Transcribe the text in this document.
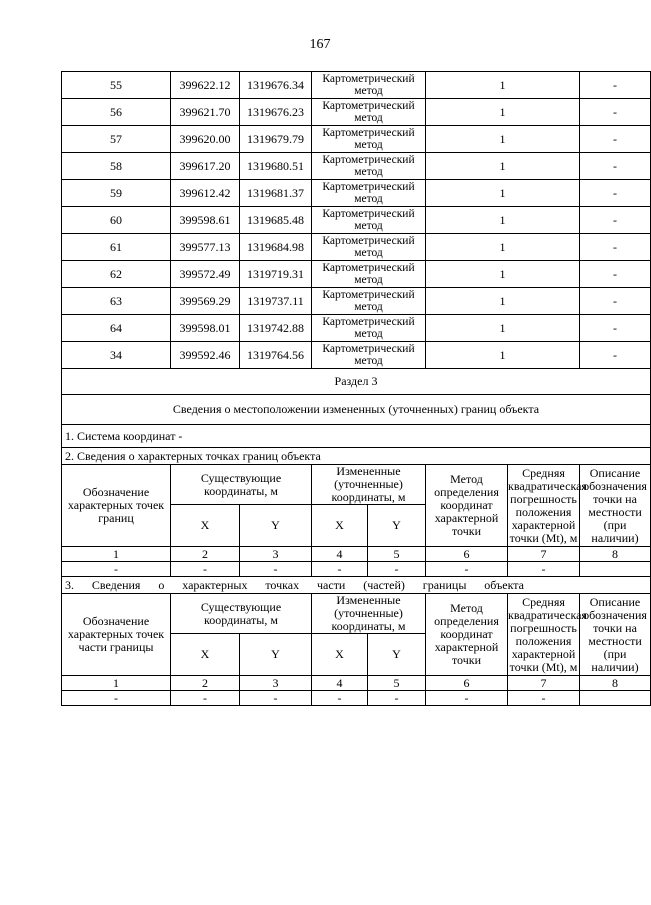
167
55	399622.12	1319676.34	Картометрический метод		1		-
56	399621.70	1319676.23	Картометрический метод		1		-
57	399620.00	1319679.79	Картометрический метод		1		-
58	399617.20	1319680.51	Картометрический метод		1		-
59	399612.42	1319681.37	Картометрический метод		1		-
60	399598.61	1319685.48	Картометрический метод		1		-
61	399577.13	1319684.98	Картометрический метод		1		-
62	399572.49	1319719.31	Картометрический метод		1		-
63	399569.29	1319737.11	Картометрический метод		1		-
64	399598.01	1319742.88	Картометрический метод		1		-
34	399592.46	1319764.56	Картометрический метод		1		-
Раздел 3							
Сведения о местоположении измененных (уточненных) границ объекта							
1. Система координат -							
2. Сведения о характерных точках границ объекта							
Обозначение характерных точек границ	Существующие координаты, м		Измененные (уточненные) координаты, м		Метод определения координат характерной точки	Средняя квадратическая погрешность положения характерной точки (Mt), м	Описание обозначения точки на местности (при наличии)
	X	Y	X	Y			
1	2	3	4	5	6	7	8
-	-	-	-	-	-	-	
3. Сведения о характерных точках части (частей) границы объекта							
Обозначение характерных точек части границы	Существующие координаты, м		Измененные (уточненные) координаты, м		Метод определения координат характерной точки	Средняя квадратическая погрешность положения характерной точки (Mt), м	Описание обозначения точки на местности (при наличии)
	X	Y	X	Y			
1	2	3	4	5	6	7	8
-	-	-	-	-	-	-	
